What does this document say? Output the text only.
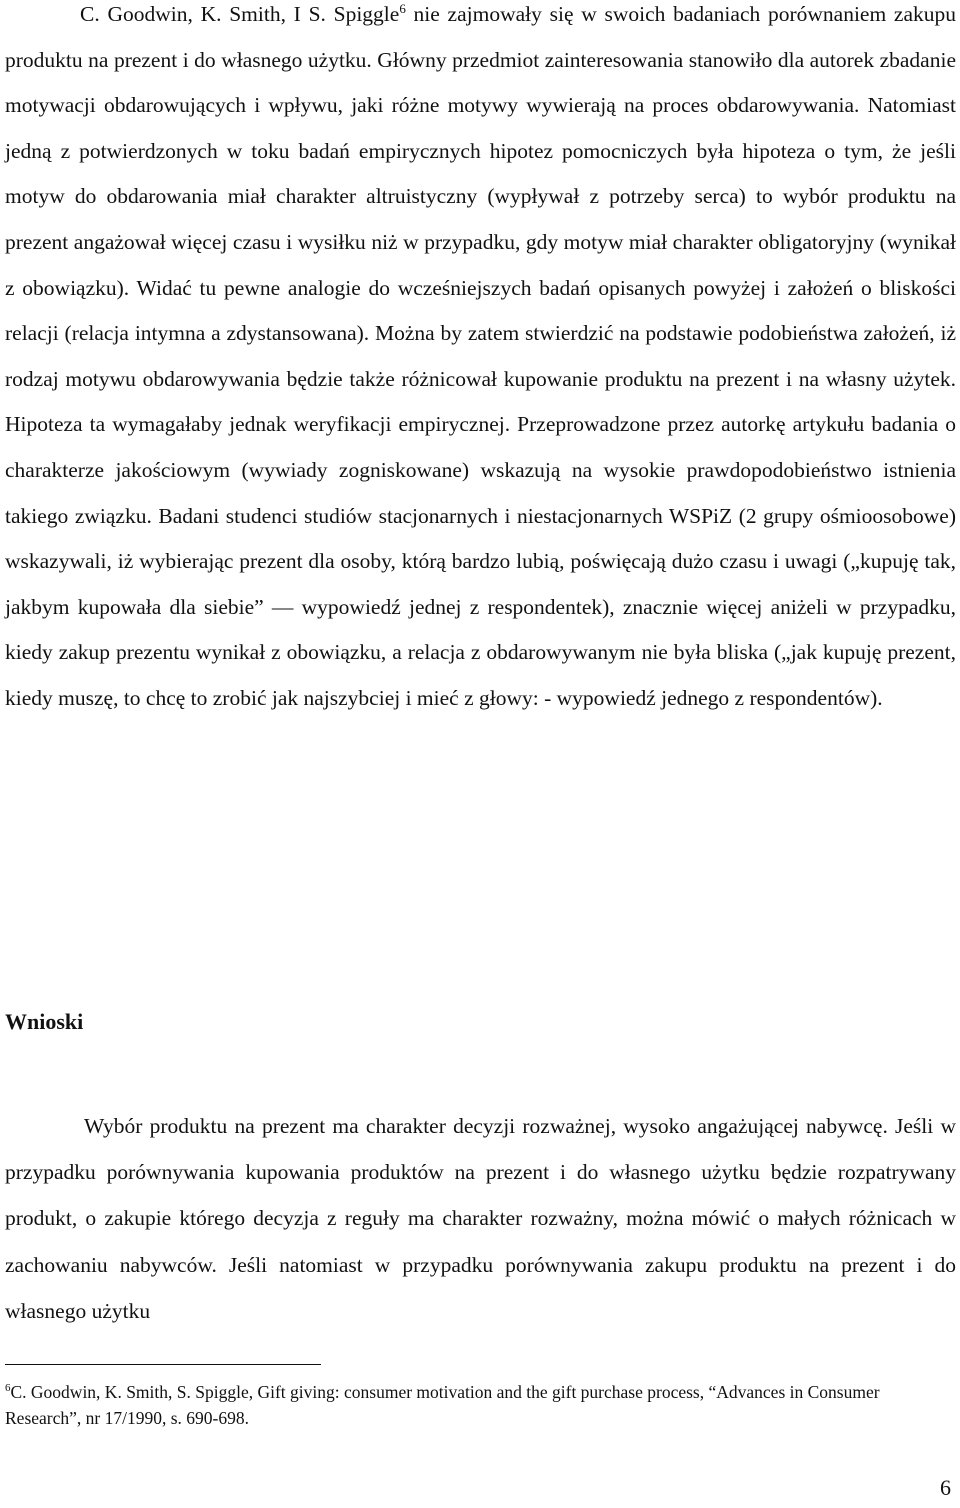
C. Goodwin, K. Smith, I S. Spiggle$^6$ nie zajmowały się w swoich badaniach porównaniem zakupu produktu na prezent i do własnego użytku. Główny przedmiot zainteresowania stanowiło dla autorek zbadanie motywacji obdarowujących i wpływu, jaki różne motywy wywierają na proces obdarowywania. Natomiast jedną z potwierdzonych w toku badań empirycznych hipotez pomocniczych była hipoteza o tym, że jeśli motyw do obdarowania miał charakter altruistyczny (wypływał z potrzeby serca) to wybór produktu na prezent angażował więcej czasu i wysiłku niż w przypadku, gdy motyw miał charakter obligatoryjny (wynikał z obowiązku). Widać tu pewne analogie do wcześniejszych badań opisanych powyżej i założeń o bliskości relacji (relacja intymna a zdystansowana). Można by zatem stwierdzić na podstawie podobieństwa założeń, iż rodzaj motywu obdarowywania będzie także różnicował kupowanie produktu na prezent i na własny użytek. Hipoteza ta wymagałaby jednak weryfikacji empirycznej. Przeprowadzone przez autorkę artykułu badania o charakterze jakościowym (wywiady zogniskowane) wskazują na wysokie prawdopodobieństwo istnienia takiego związku. Badani studenci studiów stacjonarnych i niestacjonarnych WSPiZ (2 grupy ośmioosobowe) wskazywali, iż wybierając prezent dla osoby, którą bardzo lubią, poświęcają dużo czasu i uwagi („kupuję tak, jakbym kupowała dla siebie” — wypowiedź jednej z respondentek), znacznie więcej aniżeli w przypadku, kiedy zakup prezentu wynikał z obowiązku, a relacja z obdarowywanym nie była bliska („jak kupuję prezent, kiedy muszę, to chcę to zrobić jak najszybciej i mieć z głowy: - wypowiedź jednego z respondentów).

Wnioski

Wybór produktu na prezent ma charakter decyzji rozważnej, wysoko angażującej nabywcę. Jeśli w przypadku porównywania kupowania produktów na prezent i do własnego użytku będzie rozpatrywany produkt, o zakupie którego decyzja z reguły ma charakter rozważny, można mówić o małych różnicach w zachowaniu nabywców. Jeśli natomiast w przypadku porównywania zakupu produktu na prezent i do własnego użytku

$^6$C. Goodwin, K. Smith, S. Spiggle, Gift giving: consumer motivation and the gift purchase process, “Advances in Consumer Research”, nr 17/1990, s. 690-698.

6
